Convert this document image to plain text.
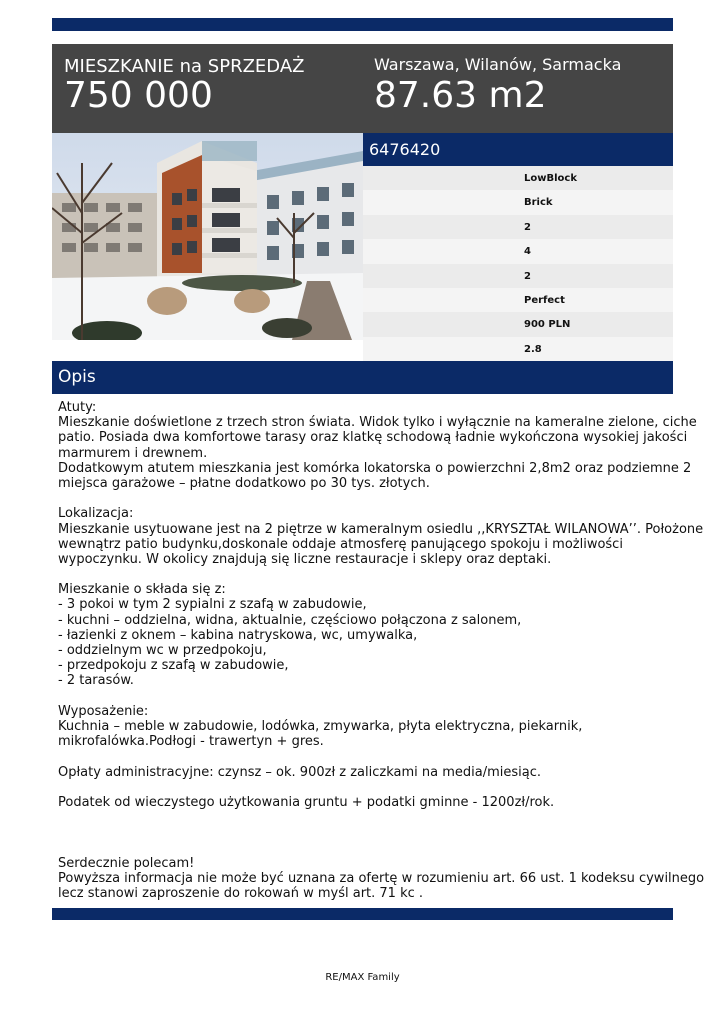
MIESZKANIE na SPRZEDAŻ
750 000
Warszawa, Wilanów, Sarmacka
87.63 m2
6476420
LowBlock
Brick
2
4
2
Perfect
900 PLN
2.8
Opis
Atuty:
Mieszkanie doświetlone z trzech stron świata. Widok tylko i wyłącznie na kameralne zielone, ciche
patio. Posiada dwa komfortowe tarasy oraz klatkę schodową ładnie wykończona wysokiej jakości
marmurem i drewnem.
Dodatkowym atutem mieszkania jest komórka lokatorska o powierzchni 2,8m2 oraz podziemne 2
miejsca garażowe – płatne dodatkowo po 30 tys. złotych.
Lokalizacja:
Mieszkanie usytuowane jest na 2 piętrze w kameralnym osiedlu ,,KRYSZTAŁ WILANOWA’’. Położone
wewnątrz patio budynku,doskonale oddaje atmosferę panującego spokoju i możliwości
wypoczynku. W okolicy znajdują się liczne restauracje i sklepy oraz deptaki.
Mieszkanie o składa się z:
- 3 pokoi w tym 2 sypialni z szafą w zabudowie,
- kuchni – oddzielna, widna, aktualnie, częściowo połączona z salonem,
- łazienki z oknem – kabina natryskowa, wc, umywalka,
- oddzielnym wc w przedpokoju,
- przedpokoju z szafą w zabudowie,
- 2 tarasów.
Wyposażenie:
Kuchnia – meble w zabudowie, lodówka, zmywarka, płyta elektryczna, piekarnik,
mikrofalówka.Podłogi - trawertyn + gres.
Opłaty administracyjne: czynsz – ok. 900zł z zaliczkami na media/miesiąc.
Podatek od wieczystego użytkowania gruntu + podatki gminne - 1200zł/rok.
Serdecznie polecam!
Powyższa informacja nie może być uznana za ofertę w rozumieniu art. 66 ust. 1 kodeksu cywilnego
lecz stanowi zaproszenie do rokowań w myśl art. 71 kc .
RE/MAX Family
